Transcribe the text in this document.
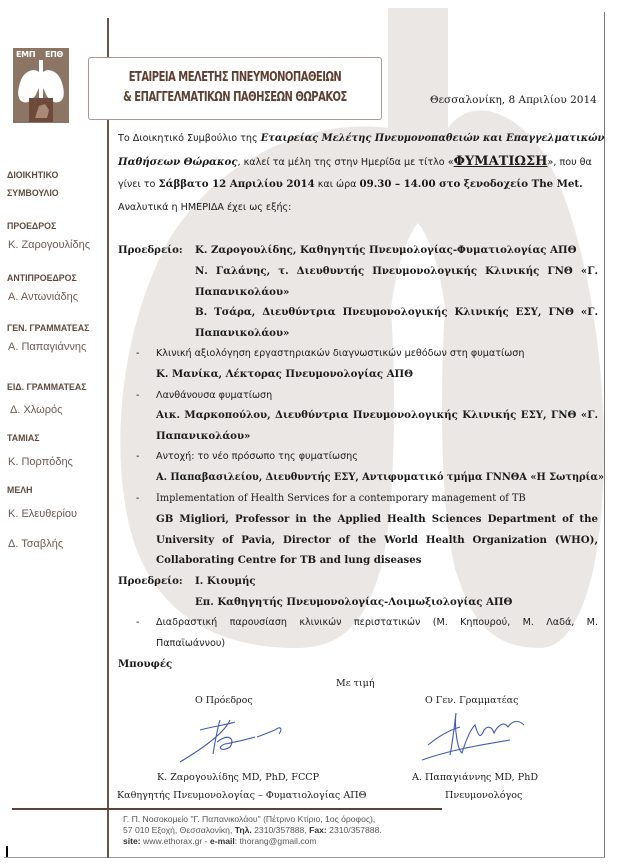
ΕΜΠ ΕΠΘ
ΕΤΑΙΡΕΙΑ ΜΕΛΕΤΗΣ ΠΝΕΥΜΟΝΟΠΑΘΕΙΩΝ
& ΕΠΑΓΓΕΛΜΑΤΙΚΩΝ ΠΑΘΗΣΕΩΝ ΘΩΡΑΚΟΣ	Θεσσαλονίκη, 8 Απριλίου 2014
ΔΙΟΙΚΗΤΙΚΟ
ΣΥΜΒΟΥΛΙΟ
ΠΡΟΕΔΡΟΣ
Κ. Ζαρογουλίδης
ΑΝΤΙΠΡΟΕΔΡΟΣ
Α. Αντωνιάδης
ΓΕΝ. ΓΡΑΜΜΑΤΕΑΣ
Α. Παπαγιάννης
ΕΙΔ. ΓΡΑΜΜΑΤΕΑΣ
Δ. Χλωρός
ΤΑΜΙΑΣ
Κ. Πορπόδης
ΜΕΛΗ
Κ. Ελευθερίου
Δ. Τσαβλής
Το Διοικητικό Συμβούλιο της Εταιρείας Μελέτης Πνευμονοπαθειών και Επαγγελματικών
Παθήσεων Θώρακος, καλεί τα μέλη της στην Ημερίδα με τίτλο «ΦΥΜΑΤΙΩΣΗ», που θα
γίνει το Σάββατο 12 Απριλίου 2014 και ώρα 09.30 – 14.00 στο ξενοδοχείο The Met.
Αναλυτικά η ΗΜΕΡΙΔΑ έχει ως εξής:
Προεδρείο: Κ. Ζαρογουλίδης, Καθηγητής Πνευμολογίας-Φυματιολογίας ΑΠΘ
Ν. Γαλάνης, τ. Διευθυντής Πνευμονολογικής Κλινικής ΓΝΘ «Γ.
Παπανικολάου»
Β. Τσάρα, Διευθύντρια Πνευμονολογικής Κλινικής ΕΣΥ, ΓΝΘ «Γ.
Παπανικολάου»
- Κλινική αξιολόγηση εργαστηριακών διαγνωστικών μεθόδων στη φυματίωση
Κ. Μανίκα, Λέκτορας Πνευμονολογίας ΑΠΘ
- Λανθάνουσα φυματίωση
Αικ. Μαρκοπούλου, Διευθύντρια Πνευμονολογικής Κλινικής ΕΣΥ, ΓΝΘ «Γ.
Παπανικολάου»
- Αντοχή: το νέο πρόσωπο της φυματίωσης
Α. Παπαβασιλείου, Διευθυντής ΕΣΥ, Αντιφυματικό τμήμα ΓΝΝΘΑ «Η Σωτηρία»
- Implementation of Health Services for a contemporary management of TB
GB Migliori, Professor in the Applied Health Sciences Department of the
University of Pavia, Director of the World Health Organization (WHO),
Collaborating Centre for TB and lung diseases
Προεδρείο: Ι. Κιουμής
Επ. Καθηγητής Πνευμονολογίας-Λοιμωξιολογίας ΑΠΘ
- Διαδραστική παρουσίαση κλινικών περιστατικών (Μ. Κηπουρού, Μ. Λαδά, Μ.
Παπαϊωάννου)
Μπουφές
Με τιμή
Ο Πρόεδρος	Ο Γεν. Γραμματέας
Κ. Ζαρογουλίδης MD, PhD, FCCP
Καθηγητής Πνευμονολογίας – Φυματιολογίας ΑΠΘ
Α. Παπαγιάννης MD, PhD
Πνευμονολόγος
Γ. Π. Νοσοκομείο "Γ. Παπανικολάου" (Πέτρινο Κτίριο, 1ος όροφος),
57 010 Εξοχή, Θεσσαλονίκη, Τηλ. 2310/357888, Fax: 2310/357888.
site: www.ethorax.gr - e-mail: thorang@gmail.com
